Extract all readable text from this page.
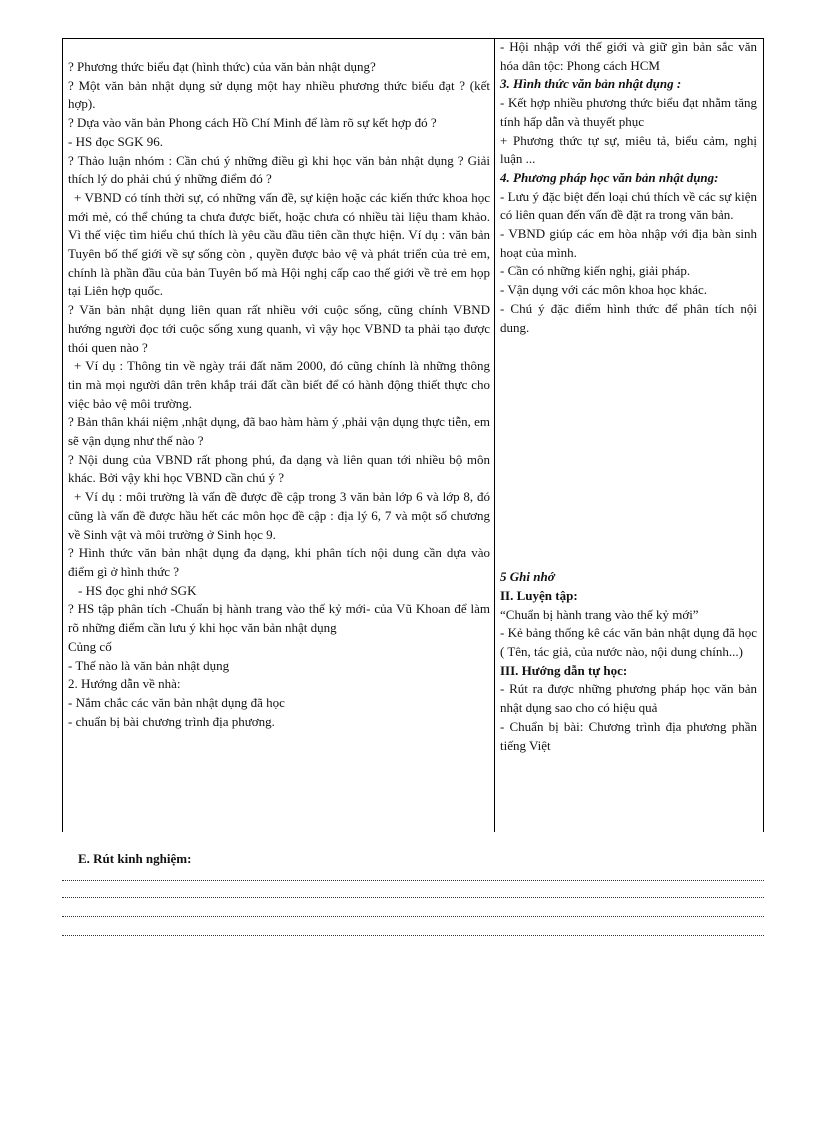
? Phương thức biểu đạt (hình thức) của văn bản nhật dụng?

? Một văn bản nhật dụng sử dụng một hay nhiều phương thức biểu đạt ? (kết hợp).

? Dựa vào văn bản Phong cách Hồ Chí Minh để làm rõ sự kết hợp đó ?

- HS đọc SGK 96.

? Thảo luận nhóm : Cần chú ý những điều gì khi học văn bản nhật dụng ? Giải thích lý do phải chú ý những điểm đó ?

+ VBND có tính thời sự, có những vấn đề, sự kiện hoặc các kiến thức khoa học mới mẻ, có thể chúng ta chưa được biết, hoặc chưa có nhiều tài liệu tham khảo. Vì thế việc tìm hiểu chú thích là yêu cầu đầu tiên cần thực hiện. Ví dụ : văn bản Tuyên bố thế giới về sự sống còn , quyền được bảo vệ và phát triển của trẻ em, chính là phần đầu của bản Tuyên bố mà Hội nghị cấp cao thế giới về trẻ em họp tại Liên hợp quốc.

? Văn bản nhật dụng liên quan rất nhiều với cuộc sống, cũng chính VBND hướng người đọc tới cuộc sống xung quanh, vì vậy học VBND ta phải tạo được thói quen nào ?

+ Ví dụ : Thông tin về ngày trái đất năm 2000, đó cũng chính là những thông tin mà mọi người dân trên khắp trái đất cần biết để có hành động thiết thực cho việc bảo vệ môi trường.

? Bản thân khái niệm ,nhật dụng, đã bao hàm hàm ý ,phải vận dụng thực tiễn, em sẽ vận dụng như thế nào ?

? Nội dung của VBND rất phong phú, đa dạng và liên quan tới nhiều bộ môn khác. Bởi vậy khi học VBND cần chú ý ?

+ Ví dụ : môi trường là vấn đề được đề cập trong 3 văn bản lớp 6 và lớp 8, đó cũng là vấn đề được hầu hết các môn học đề cập : địa lý 6, 7 và một số chương về Sinh vật và môi trường ở Sinh học 9.

? Hình thức văn bản nhật dụng đa dạng, khi phân tích nội dung cần dựa vào điểm gì ở hình thức ?

- HS đọc ghi nhớ SGK

? HS tập phân tích -Chuẩn bị hành trang vào thế kỷ mới- của Vũ Khoan để làm rõ những điểm cần lưu ý khi học văn bản nhật dụng

Củng cố

- Thế nào là văn bản nhật dụng

2. Hướng dẫn về nhà:

- Nắm chắc các văn bản nhật dụng đã học

- chuẩn bị bài chương trình địa phương.

- Hội nhập với thế giới và giữ gìn bản sắc văn hóa dân tộc: Phong cách HCM

3. Hình thức văn bản nhật dụng :

- Kết hợp nhiều phương thức biểu đạt nhằm tăng tính hấp dẫn và thuyết phục

+ Phương thức tự sự, miêu tả, biểu cảm, nghị luận ...

4. Phương pháp học văn bản nhật dụng:

- Lưu ý đặc biệt đến loại chú thích về các sự kiện có liên quan đến vấn đề đặt ra trong văn bản.

- VBND giúp các em hòa nhập với địa bàn sinh hoạt của mình.

- Cần có những kiến nghị, giải pháp.

- Vận dụng với các môn khoa học khác.

- Chú ý đặc điểm hình thức để phân tích nội dung.

5 Ghi nhớ

II. Luyện tập:

“Chuẩn bị hành trang vào thế kỷ mới”

- Kẻ bảng thống kê các văn bản nhật dụng đã học ( Tên, tác giả, của nước nào, nội dung chính...)

III. Hướng dẫn tự học:

- Rút ra được những phương pháp học văn bản nhật dụng sao cho có hiệu quả

- Chuẩn bị bài: Chương trình địa phương phần tiếng Việt

E. Rút kinh nghiệm:
